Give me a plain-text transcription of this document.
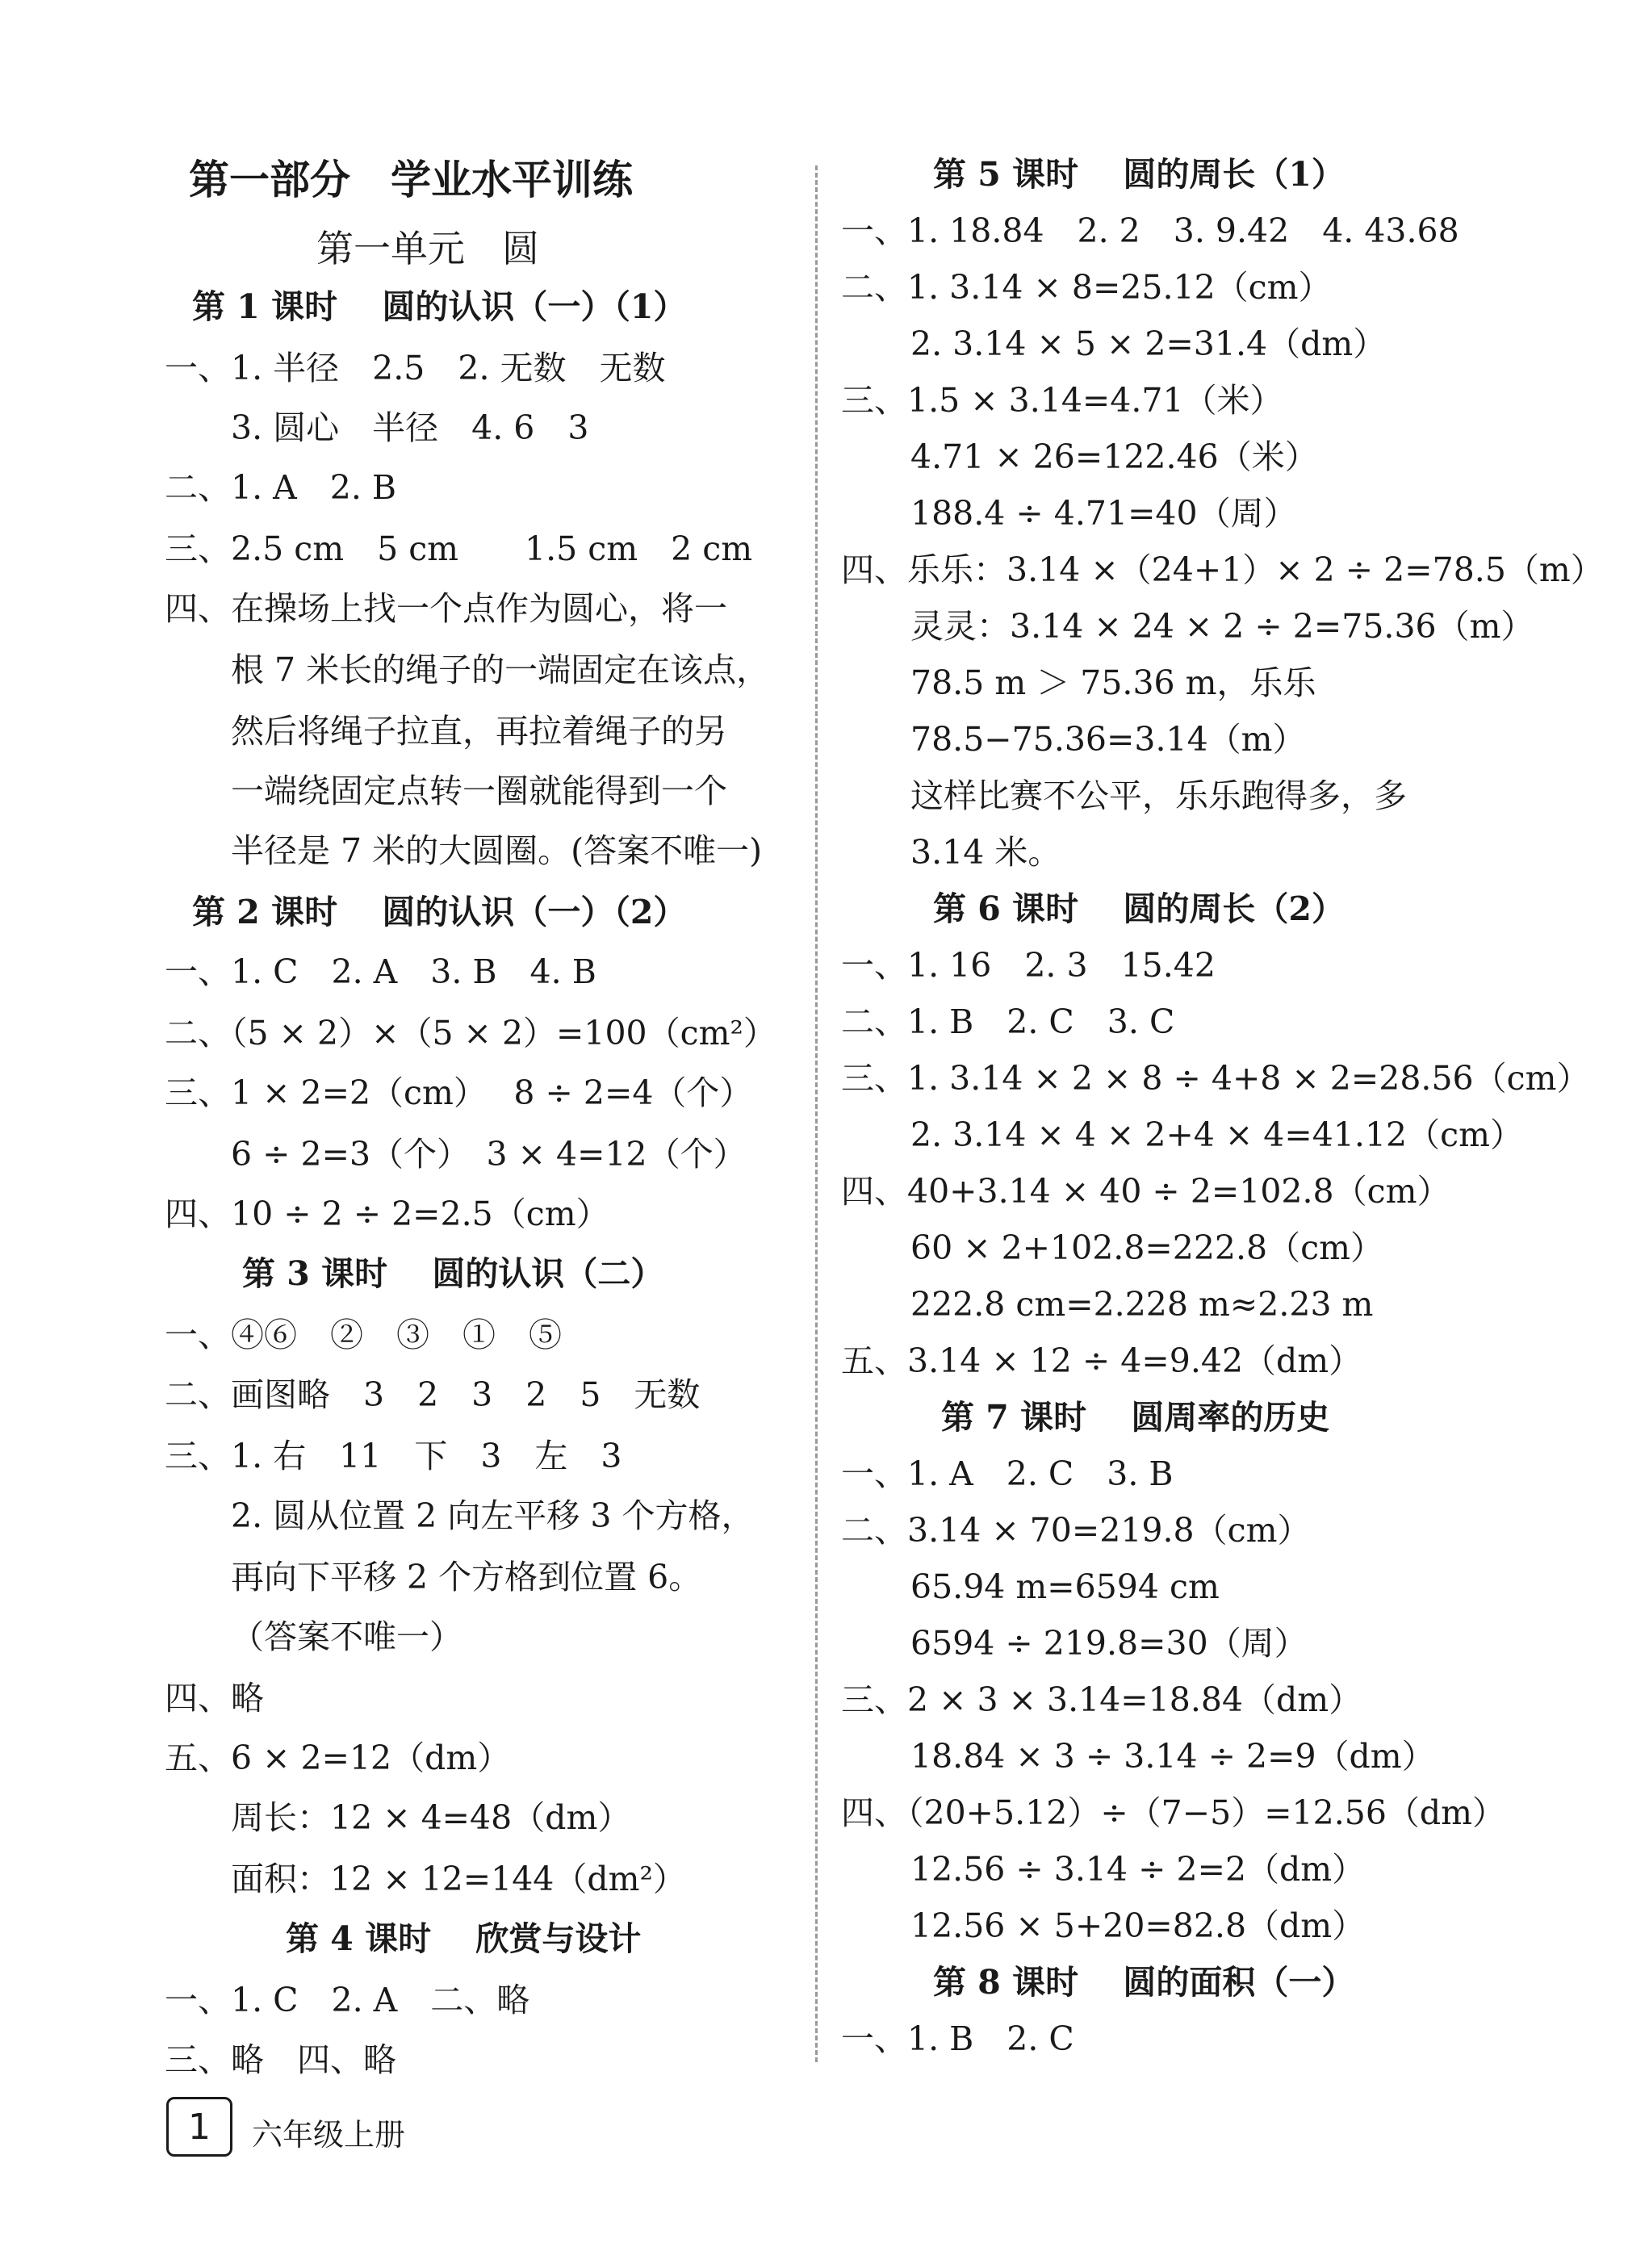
第一部分　学业水平训练
第一单元　圆
第 1 课时　 圆的认识（一）（1）
一、1. 半径　2.5　2. 无数　无数
3. 圆心　半径　4. 6　3
二、1. A　2. B
三、2.5 cm　5 cm　　1.5 cm　2 cm
四、在操场上找一个点作为圆心，将一
根 7 米长的绳子的一端固定在该点，
然后将绳子拉直，再拉着绳子的另
一端绕固定点转一圈就能得到一个
半径是 7 米的大圆圈。(答案不唯一)
第 2 课时　 圆的认识（一）（2）
一、1. C　2. A　3. B　4. B
二、（5 × 2）×（5 × 2）=100（cm²）
三、1 × 2=2（cm）　 8 ÷ 2=4（个）
6 ÷ 2=3（个）　3 × 4=12（个）
四、10 ÷ 2 ÷ 2=2.5（cm）
第 3 课时　 圆的认识（二）
一、④⑥　②　③　①　⑤
二、画图略　3　2　3　2　5　无数
三、1. 右　11　下　3　左　3
2. 圆从位置 2 向左平移 3 个方格，
再向下平移 2 个方格到位置 6。
（答案不唯一）
四、略
五、6 × 2=12（dm）
周长：12 × 4=48（dm）
面积：12 × 12=144（dm²）
第 4 课时　 欣赏与设计
一、1. C　2. A　二、略
三、略　四、略
第 5 课时　 圆的周长（1）
一、1. 18.84　2. 2　3. 9.42　4. 43.68
二、1. 3.14 × 8=25.12（cm）
2. 3.14 × 5 × 2=31.4（dm）
三、1.5 × 3.14=4.71（米）
4.71 × 26=122.46（米）
188.4 ÷ 4.71=40（周）
四、乐乐：3.14 ×（24+1）× 2 ÷ 2=78.5（m）
灵灵：3.14 × 24 × 2 ÷ 2=75.36（m）
78.5 m ＞ 75.36 m，乐乐
78.5−75.36=3.14（m）
这样比赛不公平，乐乐跑得多，多
3.14 米。
第 6 课时　 圆的周长（2）
一、1. 16　2. 3　15.42
二、1. B　2. C　3. C
三、1. 3.14 × 2 × 8 ÷ 4+8 × 2=28.56（cm）
2. 3.14 × 4 × 2+4 × 4=41.12（cm）
四、40+3.14 × 40 ÷ 2=102.8（cm）
60 × 2+102.8=222.8（cm）
222.8 cm=2.228 m≈2.23 m
五、3.14 × 12 ÷ 4=9.42（dm）
第 7 课时　 圆周率的历史
一、1. A　2. C　3. B
二、3.14 × 70=219.8（cm）
65.94 m=6594 cm
6594 ÷ 219.8=30（周）
三、2 × 3 × 3.14=18.84（dm）
18.84 × 3 ÷ 3.14 ÷ 2=9（dm）
四、（20+5.12）÷（7−5）=12.56（dm）
12.56 ÷ 3.14 ÷ 2=2（dm）
12.56 × 5+20=82.8（dm）
第 8 课时　 圆的面积（一）
一、1. B　2. C
1	六年级上册
